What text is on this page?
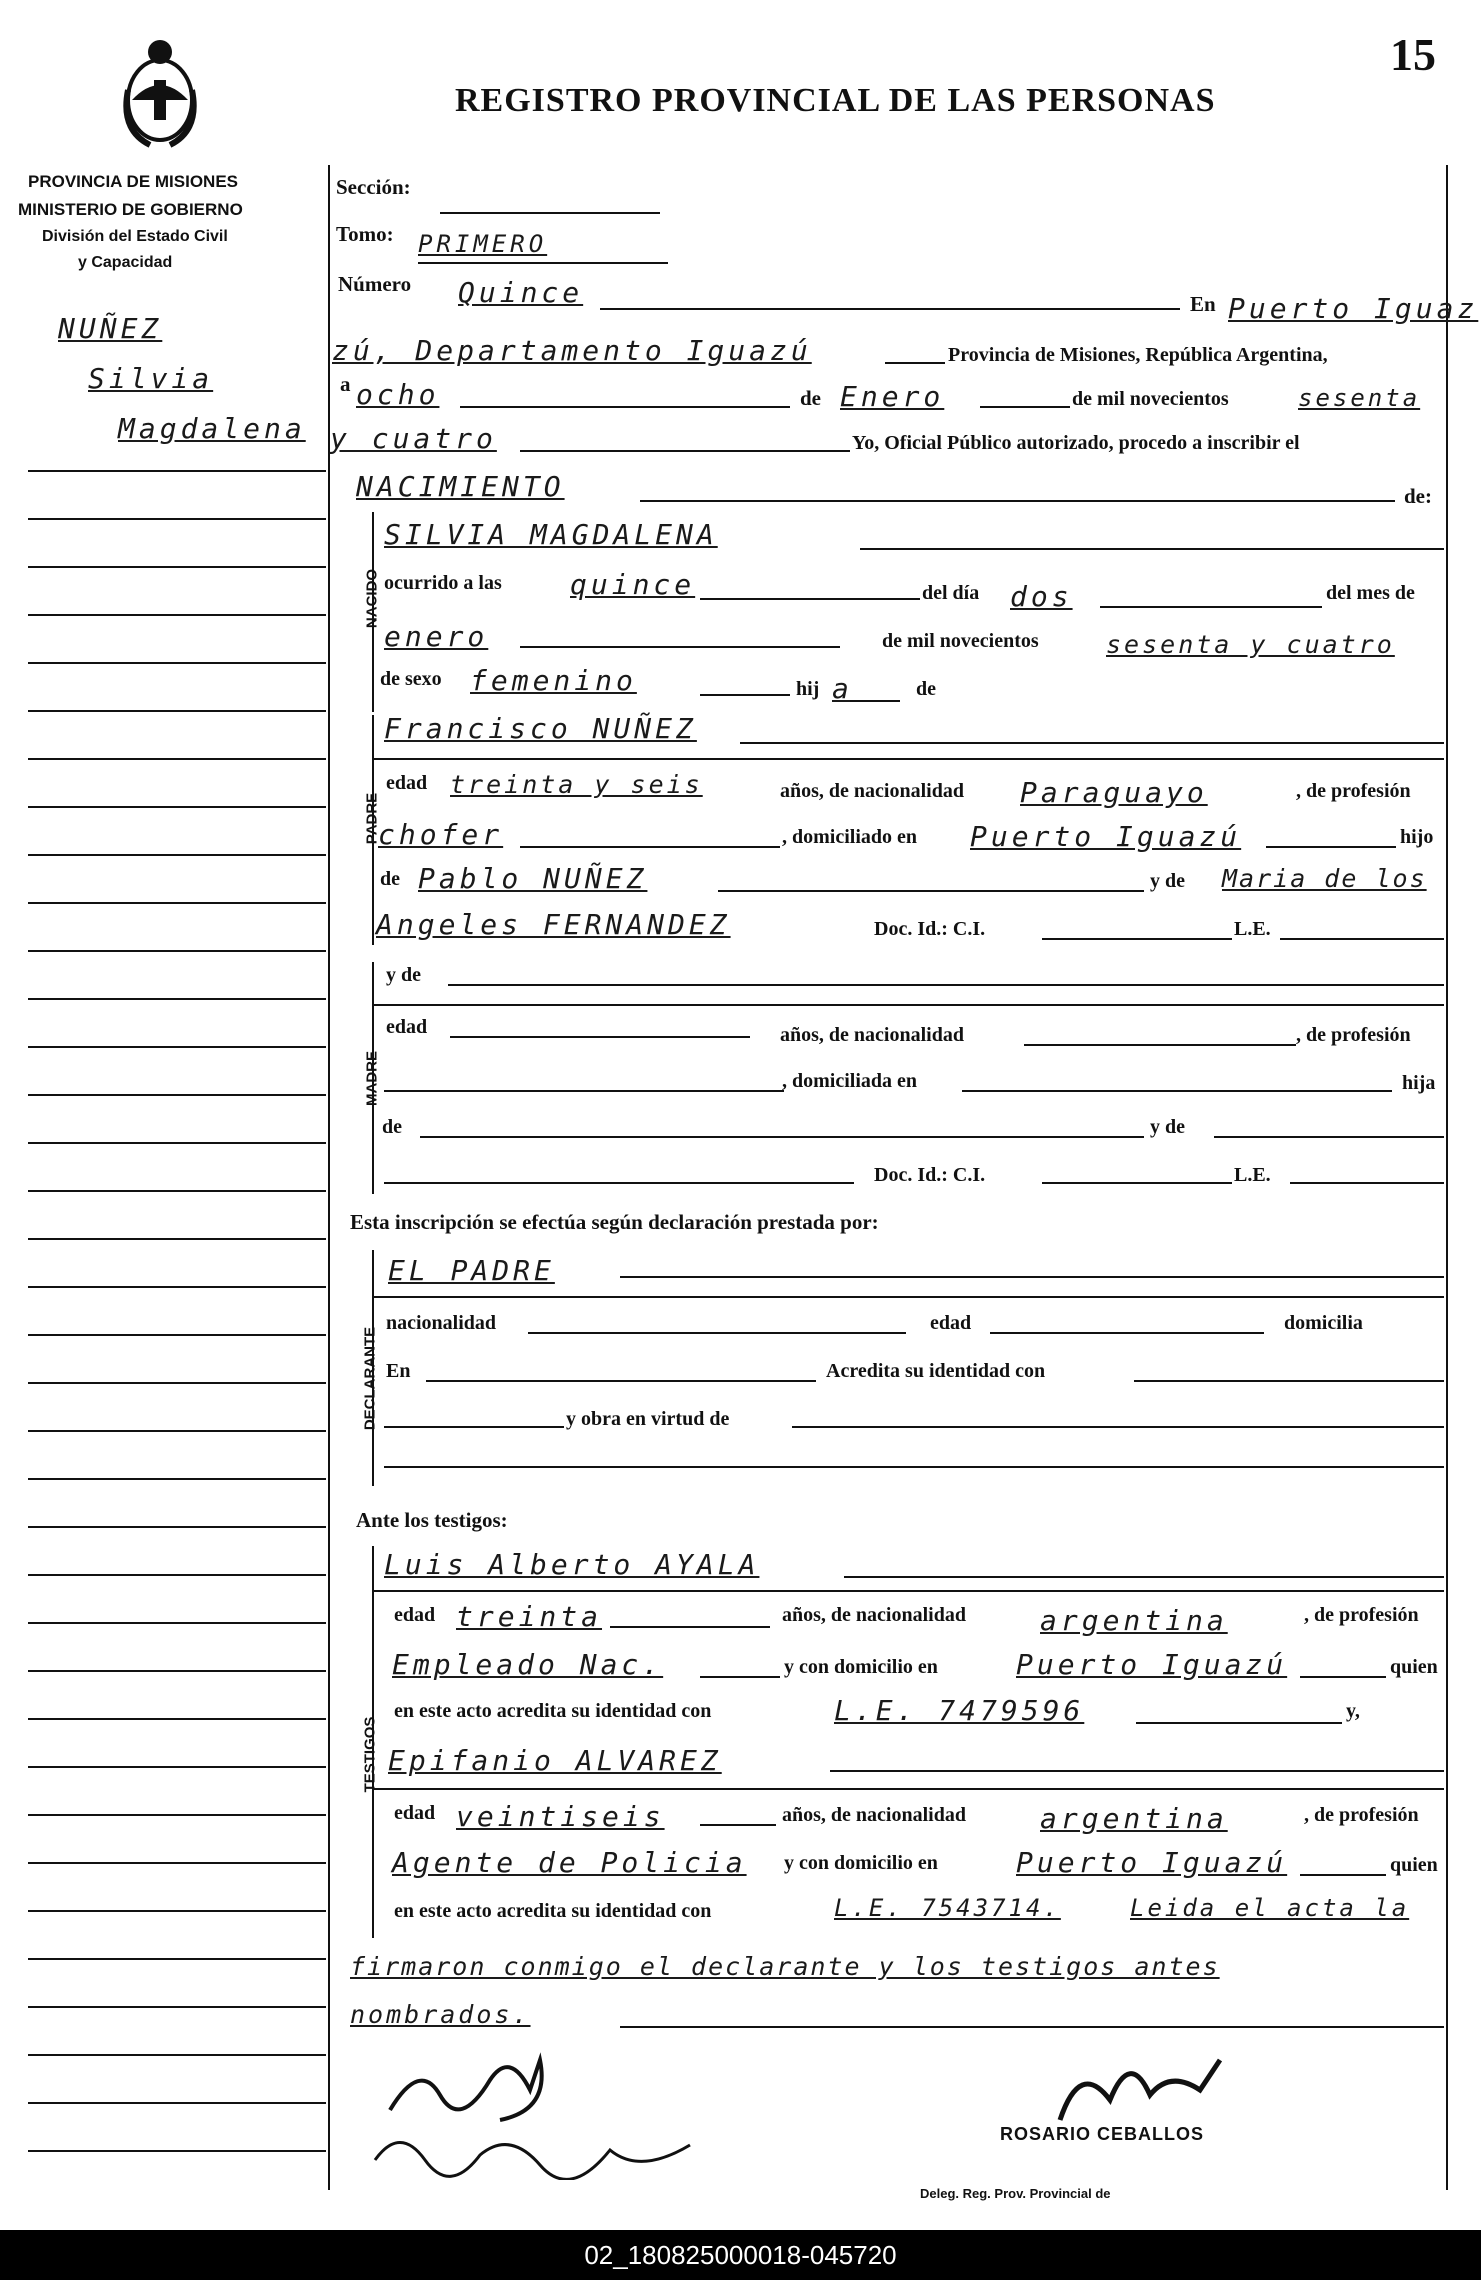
REGISTRO PROVINCIAL DE LAS PERSONAS
15
PROVINCIA DE MISIONES
MINISTERIO DE GOBIERNO
División del Estado Civil
y Capacidad
NUÑEZ
Silvia
Magdalena
Sección:
Tomo: PRIMERO
Número Quince	En Puerto Iguaz
zú, Departamento Iguazú	Provincia de Misiones, República Argentina,
a ocho	de Enero	de mil novecientos	sesenta
y cuatro	Yo, Oficial Público autorizado, procedo a inscribir el
NACIMIENTO	de:
NACIDO
SILVIA MAGDALENA
ocurrido a las quince	del día dos	del mes de
enero	de mil novecientos	sesenta y cuatro
de sexo femenino	hij a	de
PADRE
Francisco NUÑEZ
edad treinta y seis	años, de nacionalidad Paraguayo	, de profesión
chofer	, domiciliado en Puerto Iguazú	hijo
de Pablo NUÑEZ	y de Maria de los
Angeles FERNANDEZ	Doc. Id.: C.I.	L.E.
MADRE
y de
edad	años, de nacionalidad	, de profesión
, domiciliada en	hija
de	y de
Doc. Id.: C.I.	L.E.
Esta inscripción se efectúa según declaración prestada por:
DECLARANTE
EL PADRE
nacionalidad	edad	domicilia
En	Acredita su identidad con
y obra en virtud de
Ante los testigos:
TESTIGOS
Luis Alberto AYALA
edad treinta	años, de nacionalidad	argentina	, de profesión
Empleado Nac.	y con domicilio en	Puerto Iguazú	quien
en este acto acredita su identidad con	L.E. 7479596	y,
Epifanio ALVAREZ
edad veintiseis	años, de nacionalidad	argentina	, de profesión
Agente de Policia y con domicilio en	Puerto Iguazú	quien
en este acto acredita su identidad con	L.E. 7543714.	Leida el acta la
firmaron conmigo el declarante y los testigos antes
nombrados.
ROSARIO CEBALLOS
Deleg. Reg. Prov. Provincial de
02_180825000018-045720
